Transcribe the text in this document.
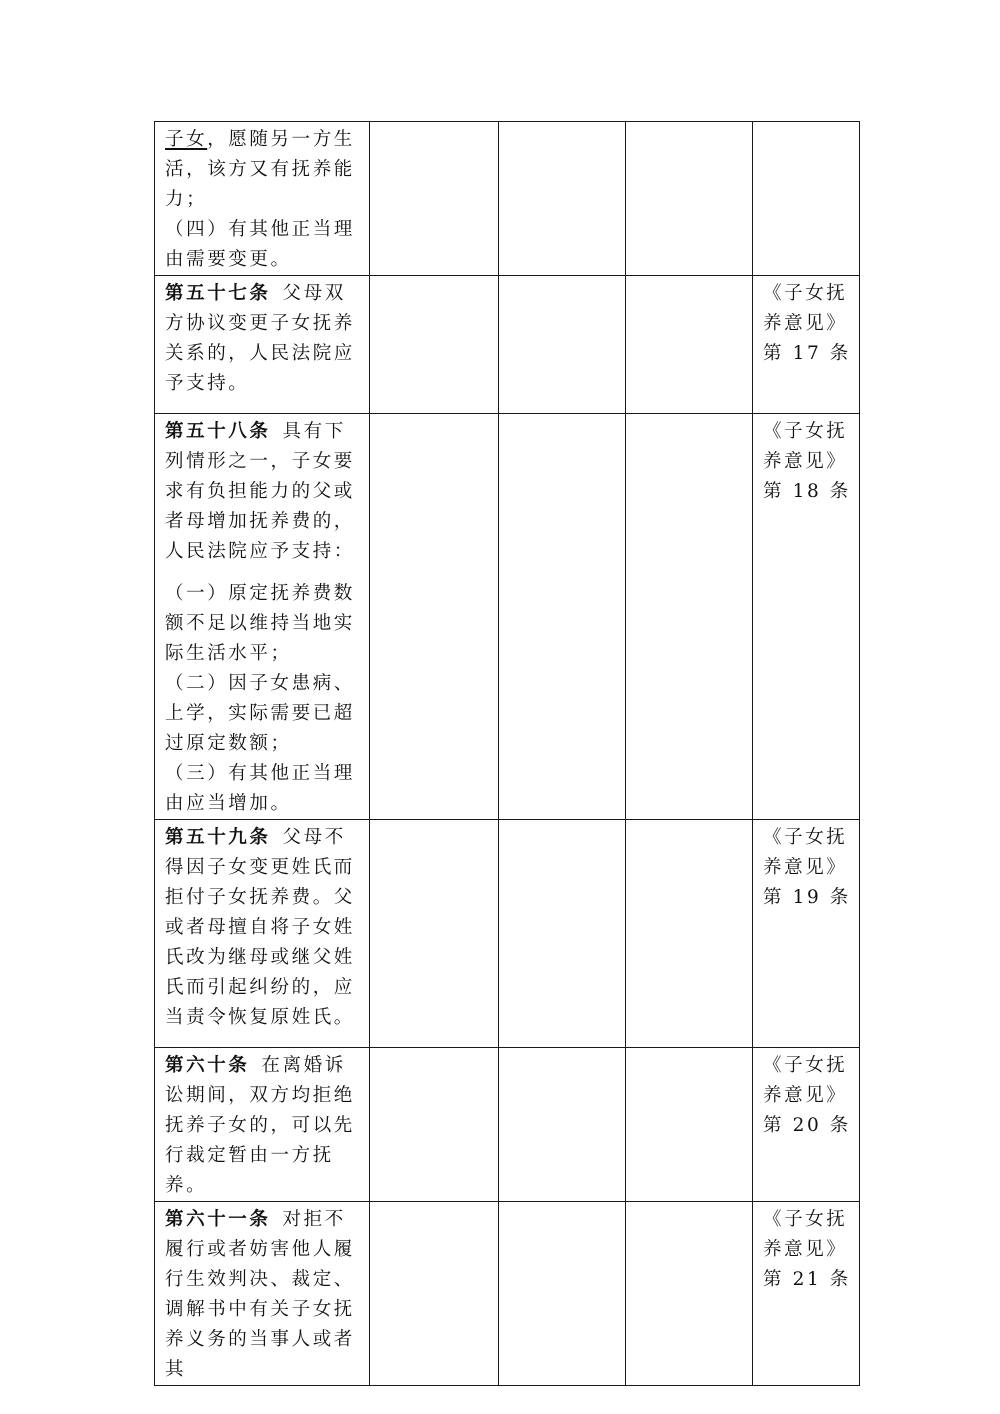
子女，愿随另一方生活，该方又有抚养能力；
（四）有其他正当理由需要变更。				

第五十七条 父母双方协议变更子女抚养关系的，人民法院应予支持。				《子女抚养意见》第 17 条

第五十八条 具有下列情形之一，子女要求有负担能力的父或者母增加抚养费的，人民法院应予支持：
（一）原定抚养费数额不足以维持当地实际生活水平；
（二）因子女患病、上学，实际需要已超过原定数额；
（三）有其他正当理由应当增加。				《子女抚养意见》第 18 条

第五十九条 父母不得因子女变更姓氏而拒付子女抚养费。父或者母擅自将子女姓氏改为继母或继父姓氏而引起纠纷的，应当责令恢复原姓氏。				《子女抚养意见》第 19 条

第六十条 在离婚诉讼期间，双方均拒绝抚养子女的，可以先行裁定暂由一方抚养。				《子女抚养意见》第 20 条

第六十一条 对拒不履行或者妨害他人履行生效判决、裁定、调解书中有关子女抚养义务的当事人或者其				《子女抚养意见》第 21 条
